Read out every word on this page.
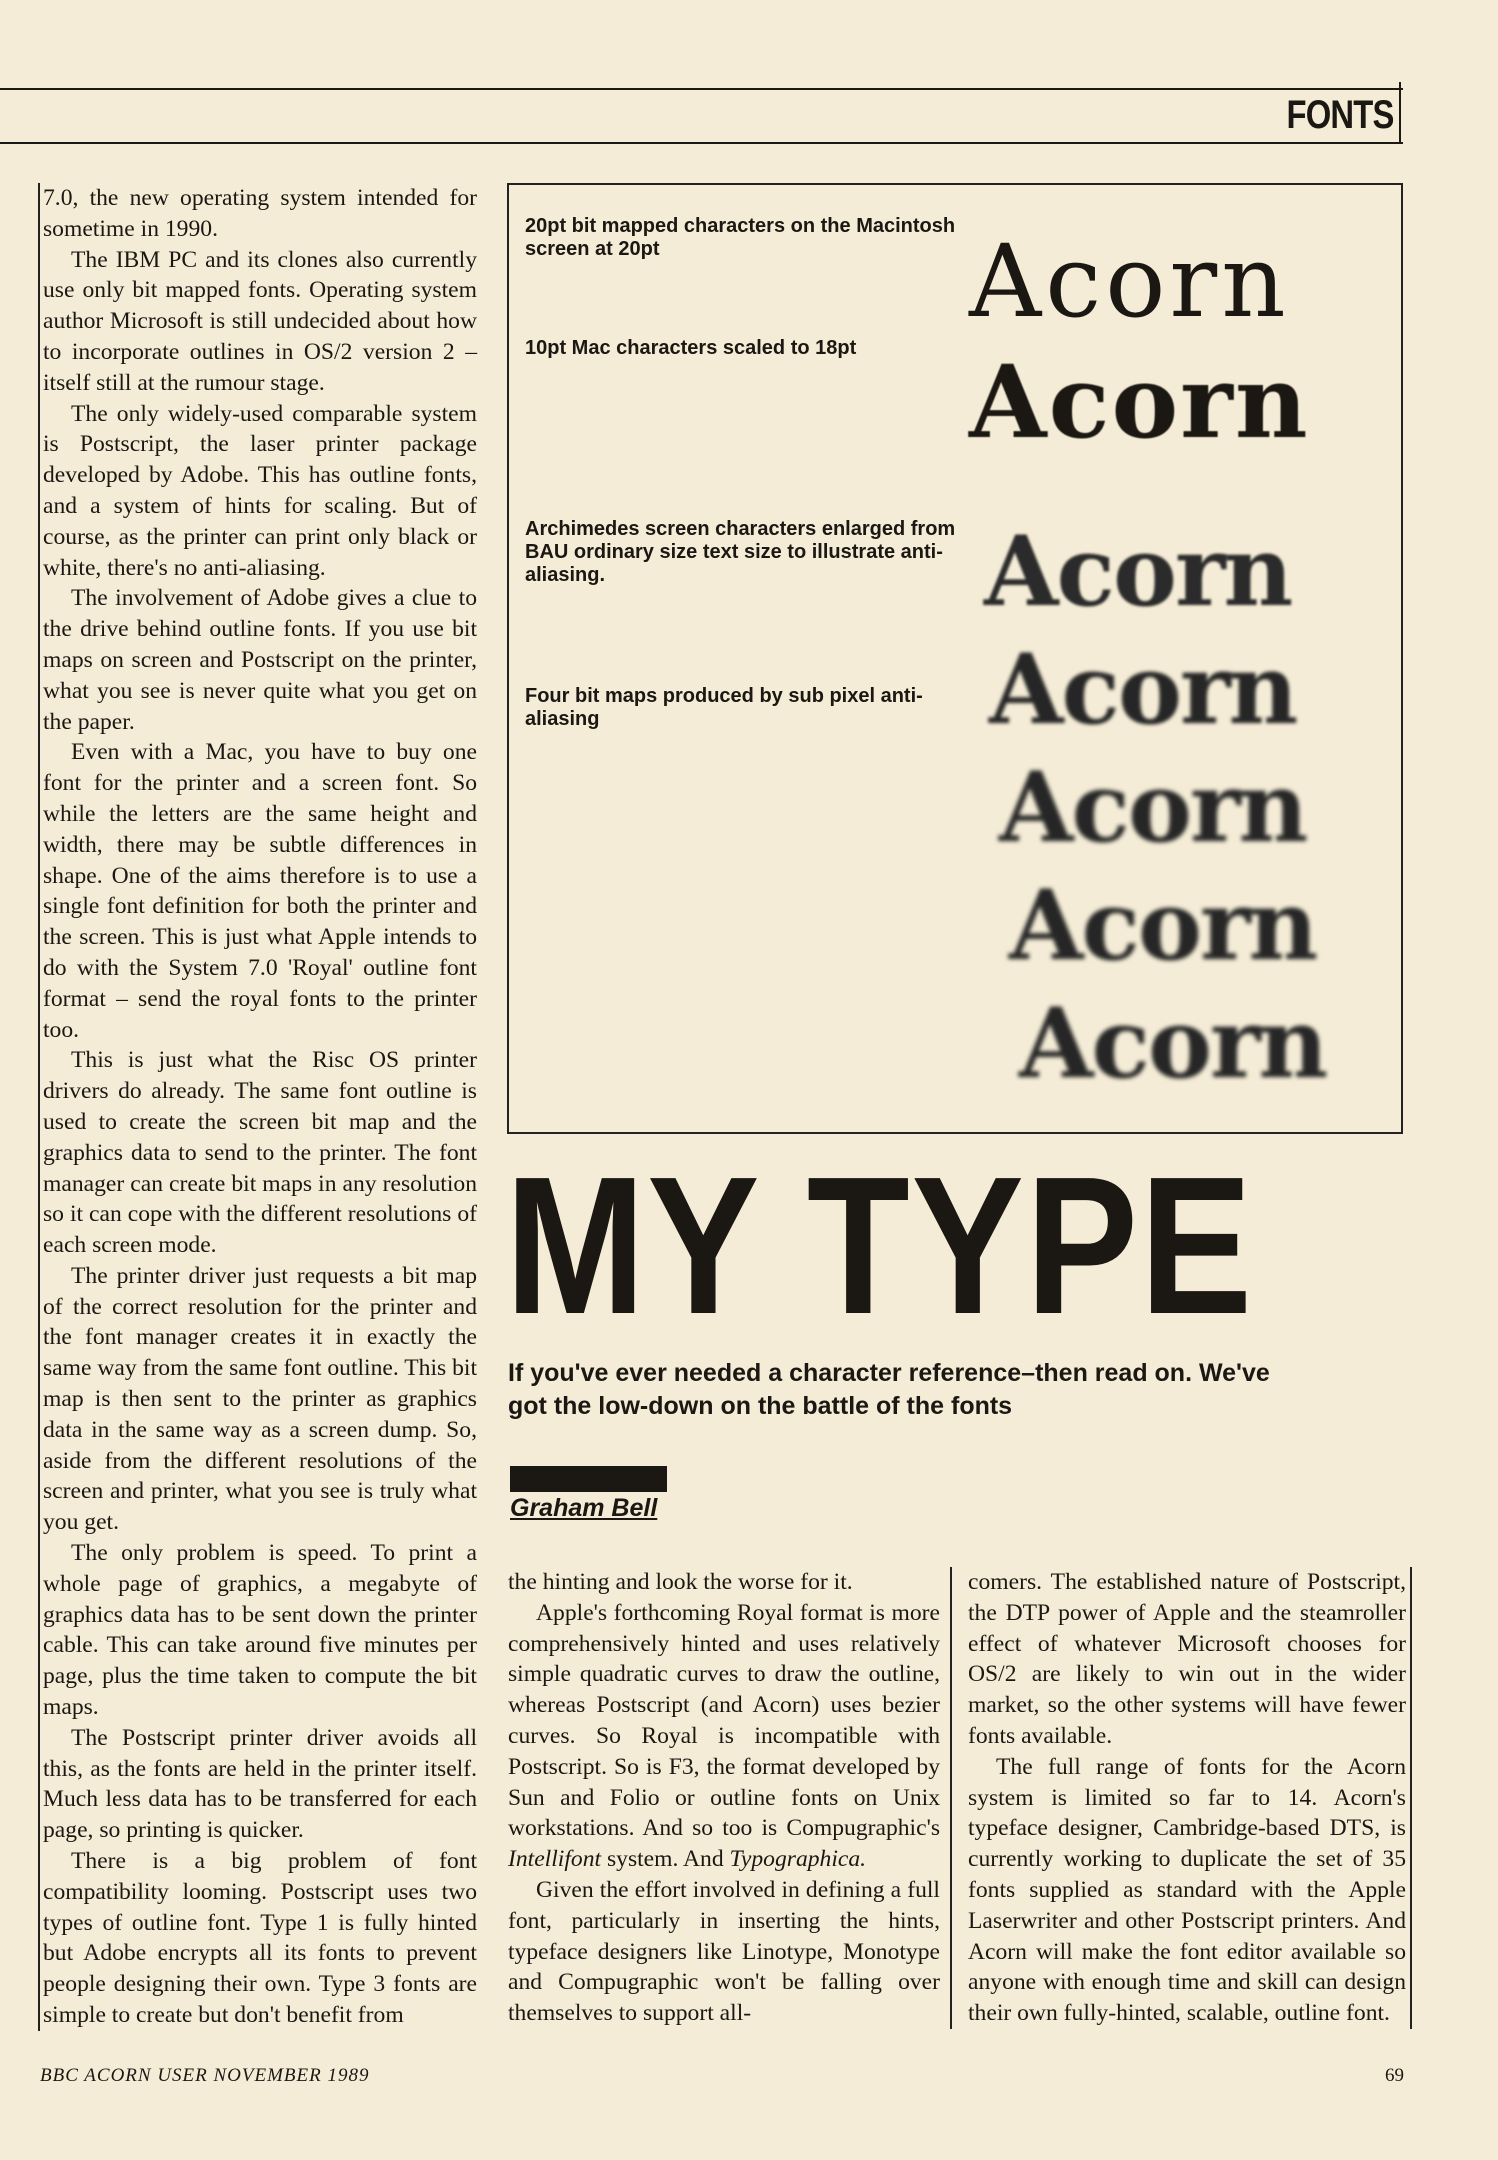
FONTS

7.0, the new operating system intended for sometime in 1990.

The IBM PC and its clones also currently use only bit mapped fonts. Operating system author Microsoft is still undecided about how to incorporate outlines in OS/2 version 2 – itself still at the rumour stage.

The only widely-used comparable system is Postscript, the laser printer package developed by Adobe. This has outline fonts, and a system of hints for scaling. But of course, as the printer can print only black or white, there's no anti-aliasing.

The involvement of Adobe gives a clue to the drive behind outline fonts. If you use bit maps on screen and Postscript on the printer, what you see is never quite what you get on the paper.

Even with a Mac, you have to buy one font for the printer and a screen font. So while the letters are the same height and width, there may be subtle differences in shape. One of the aims therefore is to use a single font definition for both the printer and the screen. This is just what Apple intends to do with the System 7.0 'Royal' outline font format – send the royal fonts to the printer too.

This is just what the Risc OS printer drivers do already. The same font outline is used to create the screen bit map and the graphics data to send to the printer. The font manager can create bit maps in any resolution so it can cope with the different resolutions of each screen mode.

The printer driver just requests a bit map of the correct resolution for the printer and the font manager creates it in exactly the same way from the same font outline. This bit map is then sent to the printer as graphics data in the same way as a screen dump. So, aside from the different resolutions of the screen and printer, what you see is truly what you get.

The only problem is speed. To print a whole page of graphics, a megabyte of graphics data has to be sent down the printer cable. This can take around five minutes per page, plus the time taken to compute the bit maps.

The Postscript printer driver avoids all this, as the fonts are held in the printer itself. Much less data has to be transferred for each page, so printing is quicker.

There is a big problem of font compatibility looming. Postscript uses two types of outline font. Type 1 is fully hinted but Adobe encrypts all its fonts to prevent people designing their own. Type 3 fonts are simple to create but don't benefit from

20pt bit mapped characters on the Macintosh screen at 20pt
10pt Mac characters scaled to 18pt
Archimedes screen characters enlarged from BAU ordinary size text size to illustrate anti-aliasing.
Four bit maps produced by sub pixel anti-aliasing
Acorn
Acorn
Acorn
Acorn
Acorn
Acorn
Acorn
MY TYPE
If you've ever needed a character reference–then read on. We've got the low-down on the battle of the fonts
Graham Bell

the hinting and look the worse for it.

Apple's forthcoming Royal format is more comprehensively hinted and uses relatively simple quadratic curves to draw the outline, whereas Postscript (and Acorn) uses bezier curves. So Royal is incompatible with Postscript. So is F3, the format developed by Sun and Folio or outline fonts on Unix workstations. And so too is Compugraphic's Intellifont system. And Typographica.

Given the effort involved in defining a full font, particularly in inserting the hints, typeface designers like Linotype, Monotype and Compugraphic won't be falling over themselves to support all-

comers. The established nature of Postscript, the DTP power of Apple and the steamroller effect of whatever Microsoft chooses for OS/2 are likely to win out in the wider market, so the other systems will have fewer fonts available.

The full range of fonts for the Acorn system is limited so far to 14. Acorn's typeface designer, Cambridge-based DTS, is currently working to duplicate the set of 35 fonts supplied as standard with the Apple Laserwriter and other Postscript printers. And Acorn will make the font editor available so anyone with enough time and skill can design their own fully-hinted, scalable, outline font.

BBC ACORN USER NOVEMBER 1989	69
